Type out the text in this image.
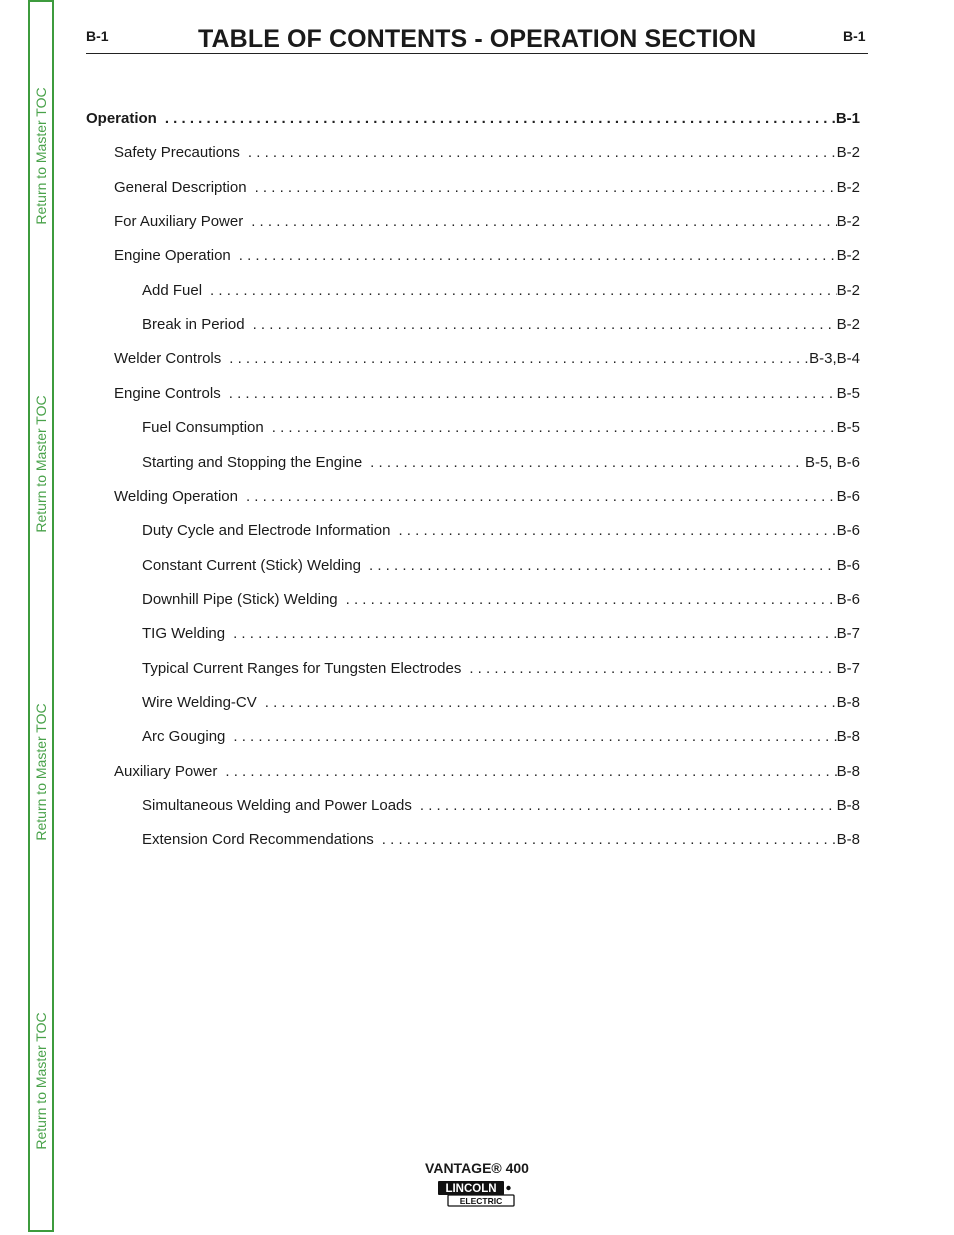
Return to Master TOC
Return to Master TOC
Return to Master TOC
Return to Master TOC
B-1	TABLE OF CONTENTS - OPERATION SECTION	B-1
Operation . . .	B-1
Safety Precautions . . .	B-2
General Description . . .	B-2
For Auxiliary Power . . .	B-2
Engine Operation . . .	B-2
Add Fuel . . .	B-2
Break in Period . . .	B-2
Welder Controls . . .	B-3,B-4
Engine Controls . . .	B-5
Fuel Consumption . . .	B-5
Starting and Stopping the Engine . . .	B-5, B-6
Welding Operation . . .	B-6
Duty Cycle and Electrode Information . . .	B-6
Constant Current (Stick) Welding . . .	B-6
Downhill Pipe (Stick) Welding . . .	B-6
TIG Welding . . .	B-7
Typical Current Ranges for Tungsten Electrodes . . .	B-7
Wire Welding-CV . . .	B-8
Arc Gouging . . .	B-8
Auxiliary Power . . .	B-8
Simultaneous Welding and Power Loads . . .	B-8
Extension Cord Recommendations . . .	B-8
VANTAGE® 400
LINCOLN
ELECTRIC
